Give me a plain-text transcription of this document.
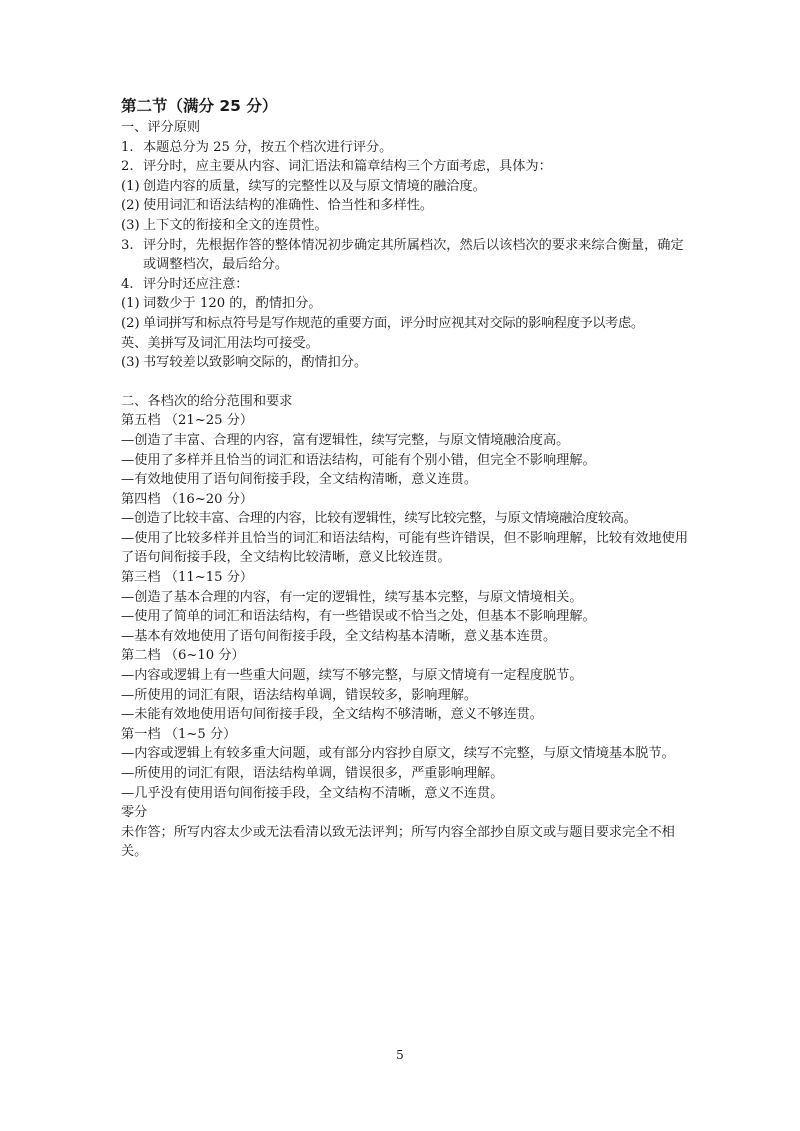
第二节（满分 25 分）
一、评分原则
1. 本题总分为 25 分，按五个档次进行评分。
2. 评分时，应主要从内容、词汇语法和篇章结构三个方面考虑，具体为：
(1) 创造内容的质量，续写的完整性以及与原文情境的融洽度。
(2) 使用词汇和语法结构的准确性、恰当性和多样性。
(3) 上下文的衔接和全文的连贯性。
3. 评分时，先根据作答的整体情况初步确定其所属档次，然后以该档次的要求来综合衡量，确定或调整档次，最后给分。
4. 评分时还应注意：
(1) 词数少于 120 的，酌情扣分。
(2) 单词拼写和标点符号是写作规范的重要方面，评分时应视其对交际的影响程度予以考虑。
英、美拼写及词汇用法均可接受。
(3) 书写较差以致影响交际的，酌情扣分。
二、各档次的给分范围和要求
第五档 （21~25 分）
—创造了丰富、合理的内容，富有逻辑性，续写完整，与原文情境融洽度高。
—使用了多样并且恰当的词汇和语法结构，可能有个别小错，但完全不影响理解。
—有效地使用了语句间衔接手段，全文结构清晰，意义连贯。
第四档 （16~20 分）
—创造了比较丰富、合理的内容，比较有逻辑性，续写比较完整，与原文情境融洽度较高。
—使用了比较多样并且恰当的词汇和语法结构，可能有些许错误，但不影响理解，比较有效地使用了语句间衔接手段，全文结构比较清晰，意义比较连贯。
第三档 （11~15 分）
—创造了基本合理的内容，有一定的逻辑性，续写基本完整，与原文情境相关。
—使用了简单的词汇和语法结构，有一些错误或不恰当之处，但基本不影响理解。
—基本有效地使用了语句间衔接手段，全文结构基本清晰，意义基本连贯。
第二档 （6~10 分）
—内容或逻辑上有一些重大问题，续写不够完整，与原文情境有一定程度脱节。
—所使用的词汇有限，语法结构单调，错误较多，影响理解。
—未能有效地使用语句间衔接手段，全文结构不够清晰，意义不够连贯。
第一档 （1~5 分）
—内容或逻辑上有较多重大问题，或有部分内容抄自原文，续写不完整，与原文情境基本脱节。
—所使用的词汇有限，语法结构单调，错误很多，严重影响理解。
—几乎没有使用语句间衔接手段，全文结构不清晰，意义不连贯。
零分
未作答；所写内容太少或无法看清以致无法评判；所写内容全部抄自原文或与题目要求完全不相关。
5
